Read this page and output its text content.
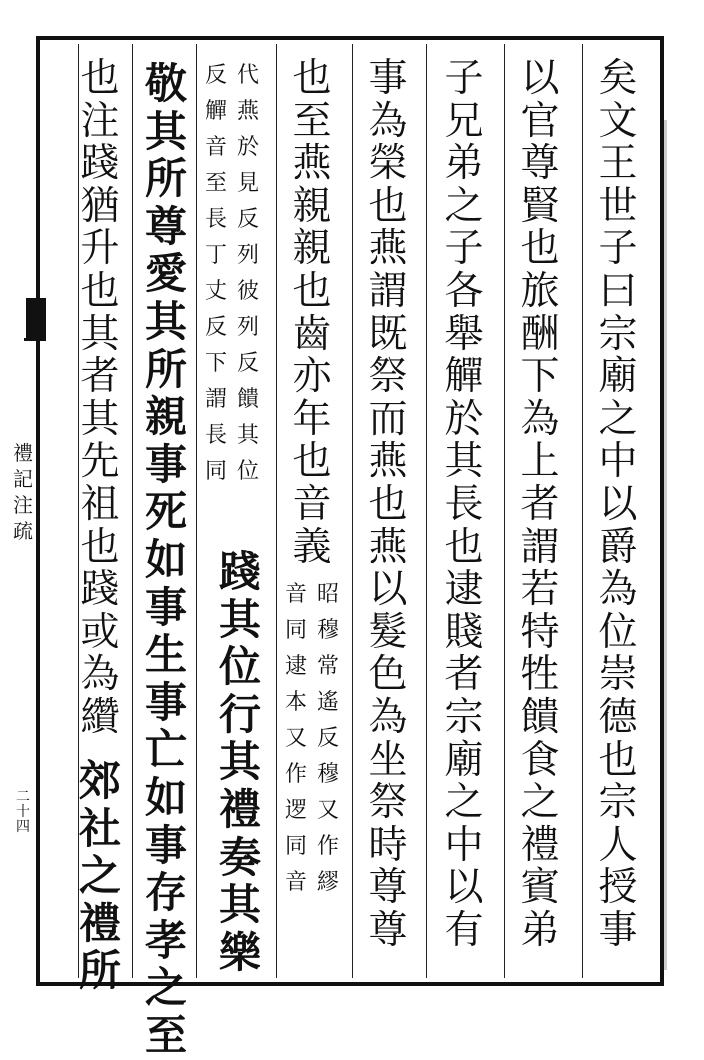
禮
記
注
疏
二
十
四
矣
文
王
世
子
曰
宗
廟
之
中
以
爵
為
位
崇
德
也
宗
人
授
事
以
官
尊
賢
也
旅
酬
下
為
上
者
謂
若
特
牲
饋
食
之
禮
賓
弟
子
兄
弟
之
子
各
舉
觶
於
其
長
也
逮
賤
者
宗
廟
之
中
以
有
事
為
榮
也
燕
謂
既
祭
而
燕
也
燕
以
髮
色
為
坐
祭
時
尊
尊
也
至
燕
親
親
也
齒
亦
年
也
音
義
音
同
逮
本
又
作
逻
同
音
昭
穆
常
遙
反
穆
又
作
繆
反
觶
音
至
長
丁
丈
反
下
謂
長
同
代
燕
於
見
反
列
彼
列
反
饋
其
位
踐
其
位
行
其
禮
奏
其
樂
敬
其
所
尊
愛
其
所
親
事
死
如
事
生
事
亡
如
事
存
孝
之
至
也
注
踐
猶
升
也
其
者
其
先
祖
也
踐
或
為
纘
郊
社
之
禮
所
